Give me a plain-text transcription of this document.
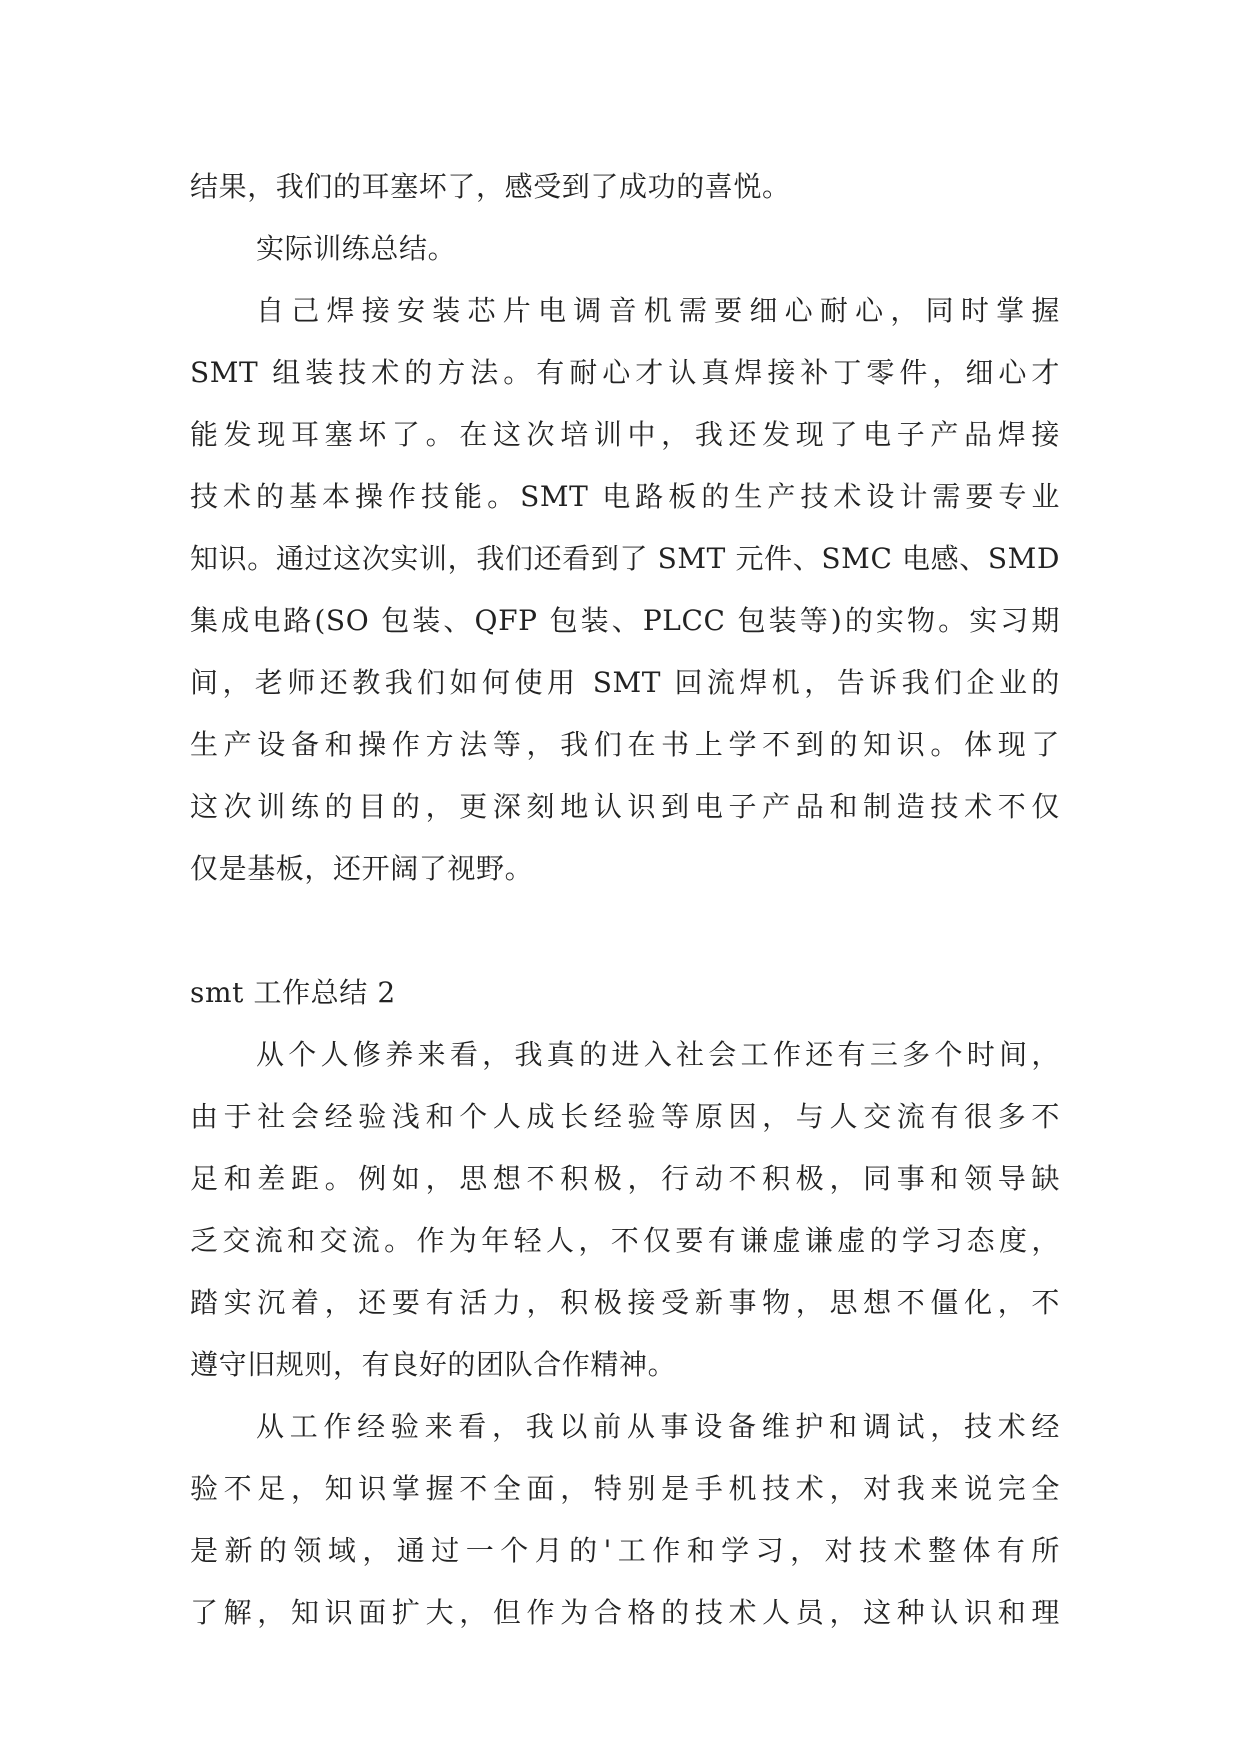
结果，我们的耳塞坏了，感受到了成功的喜悦。
实际训练总结。
自己焊接安装芯片电调音机需要细心耐心，同时掌握
SMT 组装技术的方法。有耐心才认真焊接补丁零件，细心才
能发现耳塞坏了。在这次培训中，我还发现了电子产品焊接
技术的基本操作技能。SMT 电路板的生产技术设计需要专业
知识。通过这次实训，我们还看到了 SMT 元件、SMC 电感、SMD
集成电路(SO 包装、QFP 包装、PLCC 包装等)的实物。实习期
间，老师还教我们如何使用 SMT 回流焊机，告诉我们企业的
生产设备和操作方法等，我们在书上学不到的知识。体现了
这次训练的目的，更深刻地认识到电子产品和制造技术不仅
仅是基板，还开阔了视野。
smt 工作总结 2
从个人修养来看，我真的进入社会工作还有三多个时间，
由于社会经验浅和个人成长经验等原因，与人交流有很多不
足和差距。例如，思想不积极，行动不积极，同事和领导缺
乏交流和交流。作为年轻人，不仅要有谦虚谦虚的学习态度，
踏实沉着，还要有活力，积极接受新事物，思想不僵化，不
遵守旧规则，有良好的团队合作精神。
从工作经验来看，我以前从事设备维护和调试，技术经
验不足，知识掌握不全面，特别是手机技术，对我来说完全
是新的领域，通过一个月的'工作和学习，对技术整体有所
了解，知识面扩大，但作为合格的技术人员，这种认识和理
